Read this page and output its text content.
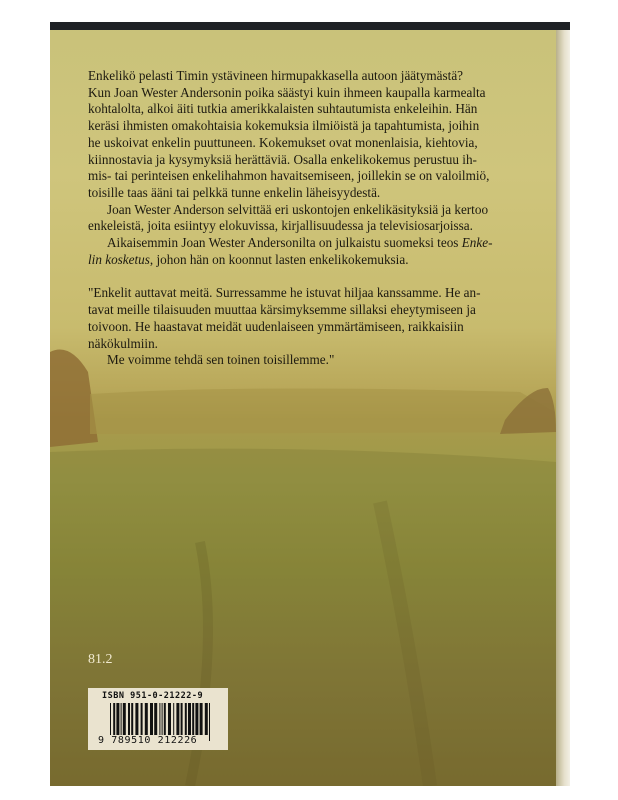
Enkelikö pelasti Timin ystävineen hirmupakkasella autoon jäätymästä?
Kun Joan Wester Andersonin poika säästyi kuin ihmeen kaupalla karmealta
kohtalolta, alkoi äiti tutkia amerikkalaisten suhtautumista enkeleihin. Hän
keräsi ihmisten omakohtaisia kokemuksia ilmiöistä ja tapahtumista, joihin
he uskoivat enkelin puuttuneen. Kokemukset ovat monenlaisia, kiehtovia,
kiinnostavia ja kysymyksiä herättäviä. Osalla enkelikokemus perustuu ih-
mis- tai perinteisen enkelihahmon havaitsemiseen, joillekin se on valoilmiö,
toisille taas ääni tai pelkkä tunne enkelin läheisyydestä.
Joan Wester Anderson selvittää eri uskontojen enkelikäsityksiä ja kertoo
enkeleistä, joita esiintyy elokuvissa, kirjallisuudessa ja televisiosarjoissa.
Aikaisemmin Joan Wester Andersonilta on julkaistu suomeksi teos Enke-
lin kosketus, johon hän on koonnut lasten enkelikokemuksia.
"Enkelit auttavat meitä. Surressamme he istuvat hiljaa kanssamme. He an-
tavat meille tilaisuuden muuttaa kärsimyksemme sillaksi eheytymiseen ja
toivoon. He haastavat meidät uudenlaiseen ymmärtämiseen, raikkaisiin
näkökulmiin.
Me voimme tehdä sen toinen toisillemme."
81.2
ISBN 951-0-21222-9
9 789510 212226
